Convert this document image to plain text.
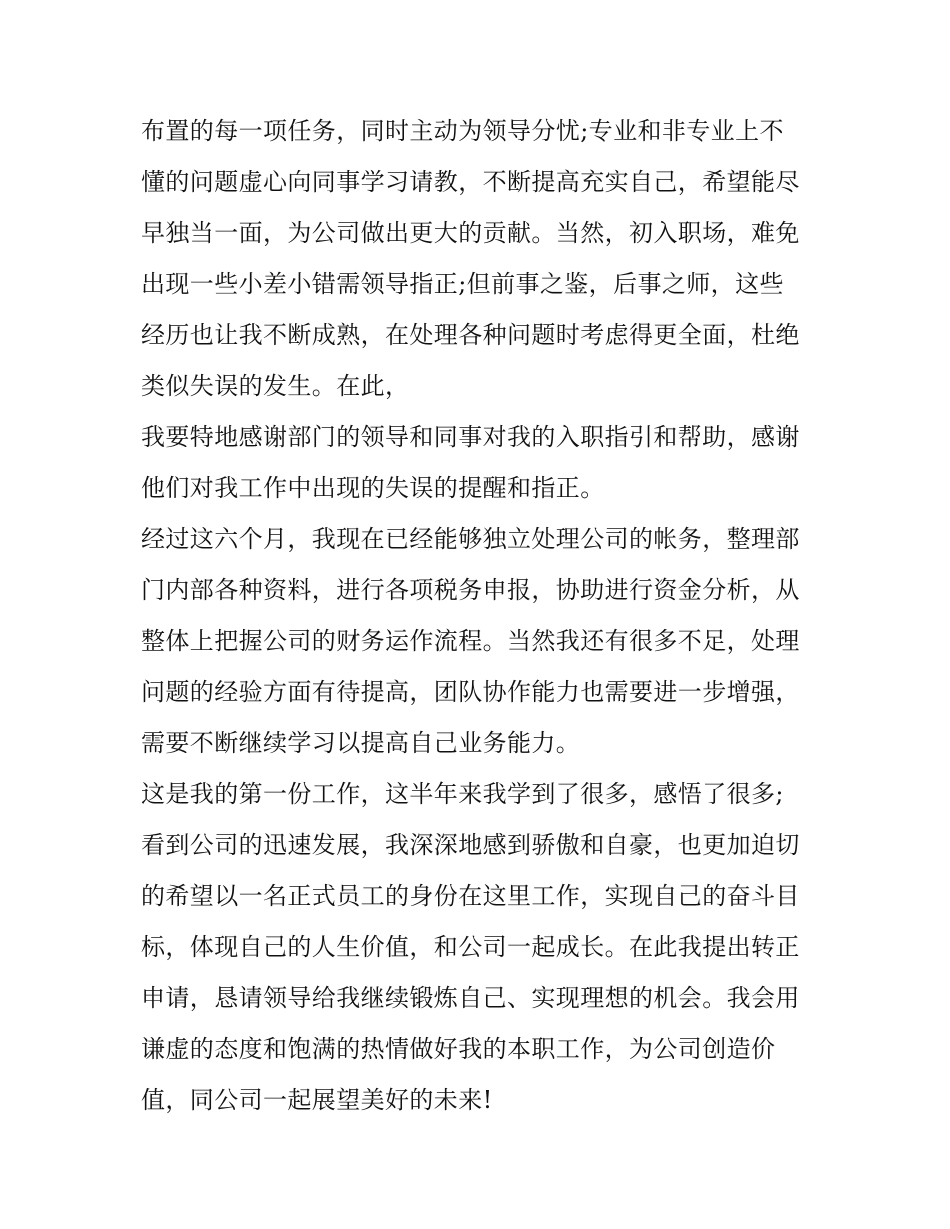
布置的每一项任务，同时主动为领导分忧;专业和非专业上不
懂的问题虚心向同事学习请教，不断提高充实自己，希望能尽
早独当一面，为公司做出更大的贡献。当然，初入职场，难免
出现一些小差小错需领导指正;但前事之鉴，后事之师，这些
经历也让我不断成熟，在处理各种问题时考虑得更全面，杜绝
类似失误的发生。在此，
我要特地感谢部门的领导和同事对我的入职指引和帮助，感谢
他们对我工作中出现的失误的提醒和指正。
经过这六个月，我现在已经能够独立处理公司的帐务，整理部
门内部各种资料，进行各项税务申报，协助进行资金分析，从
整体上把握公司的财务运作流程。当然我还有很多不足，处理
问题的经验方面有待提高，团队协作能力也需要进一步增强，
需要不断继续学习以提高自己业务能力。
这是我的第一份工作，这半年来我学到了很多，感悟了很多;
看到公司的迅速发展，我深深地感到骄傲和自豪，也更加迫切
的希望以一名正式员工的身份在这里工作，实现自己的奋斗目
标，体现自己的人生价值，和公司一起成长。在此我提出转正
申请，恳请领导给我继续锻炼自己、实现理想的机会。我会用
谦虚的态度和饱满的热情做好我的本职工作，为公司创造价
值，同公司一起展望美好的未来!
